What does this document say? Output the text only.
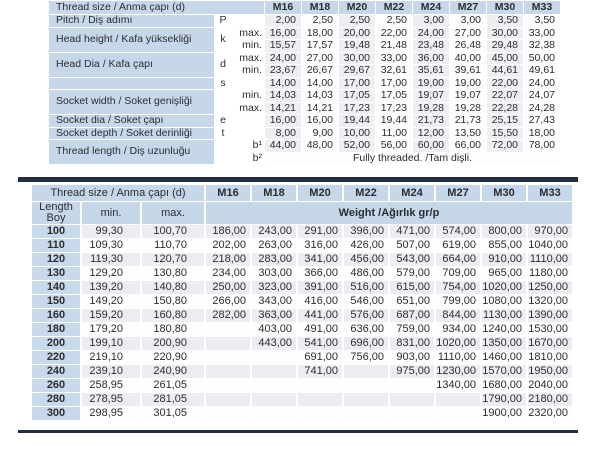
Thread size / Anma çapı (d)			M16	M18	M20	M22	M24	M27	M30	M33
Pitch / Diş adımı	P		2,00	2,50	2,50	2,50	3,00	3,00	3,50	3,50
Head height / Kafa yüksekliği	k	max.	16,00	18,00	20,00	22,00	24,00	27,00	30,00	33,00
		min.	15,57	17,57	19,48	21,48	23,48	26,48	29,48	32,38
Head Dia / Kafa çapı	d	max.	24,00	27,00	30,00	33,00	36,00	40,00	45,00	50,00
		min.	23,67	26,67	29,67	32,61	35,61	39,61	44,61	49,61
	s		14,00	14,00	17,00	17,00	19,00	19,00	22,00	24,00
Socket width / Soket genişliği		min.	14,03	14,03	17,05	17,05	19,07	19,07	22,07	24,07
		max.	14,21	14,21	17,23	17,23	19,28	19,28	22,28	24,28
Socket dia / Soket çapı	e		16,00	16,00	19,44	19,44	21,73	21,73	25,15	27,43
Socket depth / Soket derinliği	t		8,00	9,00	10,00	11,00	12,00	13,50	15,50	18,00
Thread length / Diş uzunluğu		b¹	44,00	48,00	52,00	56,00	60,00	66,00	72,00	78,00
		b²	Fully threaded. /Tam dişli.							
Thread size / Anma çapı (d)			M16	M18	M20	M22	M24	M27	M30	M33

Length
Boy	min.	max.	Weight /Ağırlık gr/p							
100	99,30	100,70	186,00	243,00	291,00	396,00	471,00	574,00	800,00	970,00
110	109,30	110,70	202,00	263,00	316,00	426,00	507,00	619,00	855,00	1040,00
120	119,30	120,70	218,00	283,00	341,00	456,00	543,00	664,00	910,00	1110,00
130	129,20	130,80	234,00	303,00	366,00	486,00	579,00	709,00	965,00	1180,00
140	139,20	140,80	250,00	323,00	391,00	516,00	615,00	754,00	1020,00	1250,00
150	149,20	150,80	266,00	343,00	416,00	546,00	651,00	799,00	1080,00	1320,00
160	159,20	160,80	282,00	363,00	441,00	576,00	687,00	844,00	1130,00	1390,00
180	179,20	180,80		403,00	491,00	636,00	759,00	934,00	1240,00	1530,00
200	199,10	200,90		443,00	541,00	696,00	831,00	1020,00	1350,00	1670,00
220	219,10	220,90			691,00	756,00	903,00	1110,00	1460,00	1810,00
240	239,10	240,90			741,00		975,00	1230,00	1570,00	1950,00
260	258,95	261,05						1340,00	1680,00	2040,00
280	278,95	281,05							1790,00	2180,00
300	298,95	301,05							1900,00	2320,00
